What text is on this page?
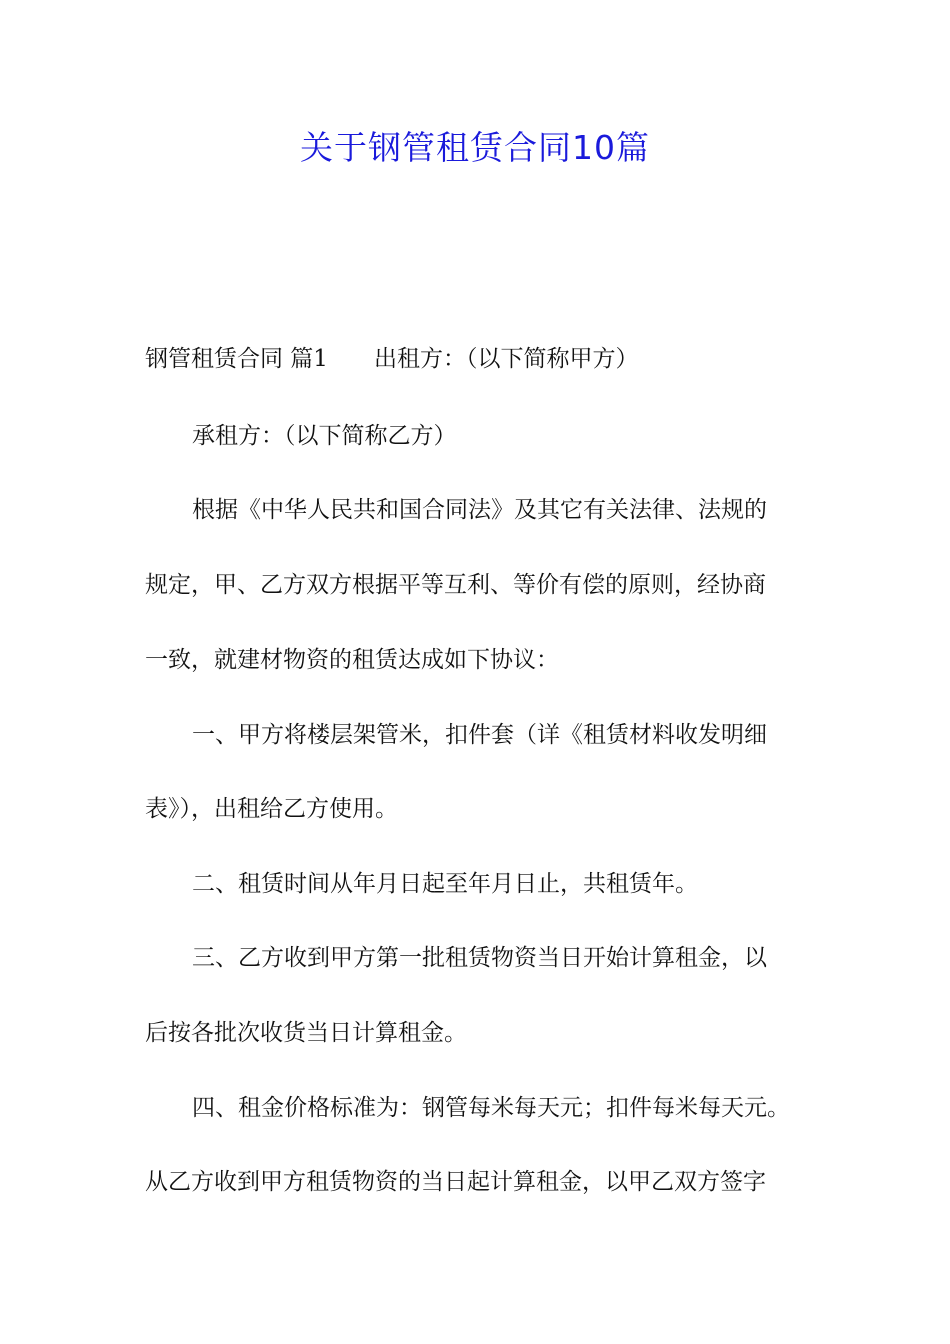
关于钢管租赁合同10篇
钢管租赁合同 篇1 出租方：（以下简称甲方）
承租方：（以下简称乙方）
根据《中华人民共和国合同法》及其它有关法律、法规的
规定，甲、乙方双方根据平等互利、等价有偿的原则，经协商
一致，就建材物资的租赁达成如下协议：
一、甲方将楼层架管米，扣件套（详《租赁材料收发明细
表》），出租给乙方使用。
二、租赁时间从年月日起至年月日止，共租赁年。
三、乙方收到甲方第一批租赁物资当日开始计算租金，以
后按各批次收货当日计算租金。
四、租金价格标准为：钢管每米每天元；扣件每米每天元。
从乙方收到甲方租赁物资的当日起计算租金，以甲乙双方签字
